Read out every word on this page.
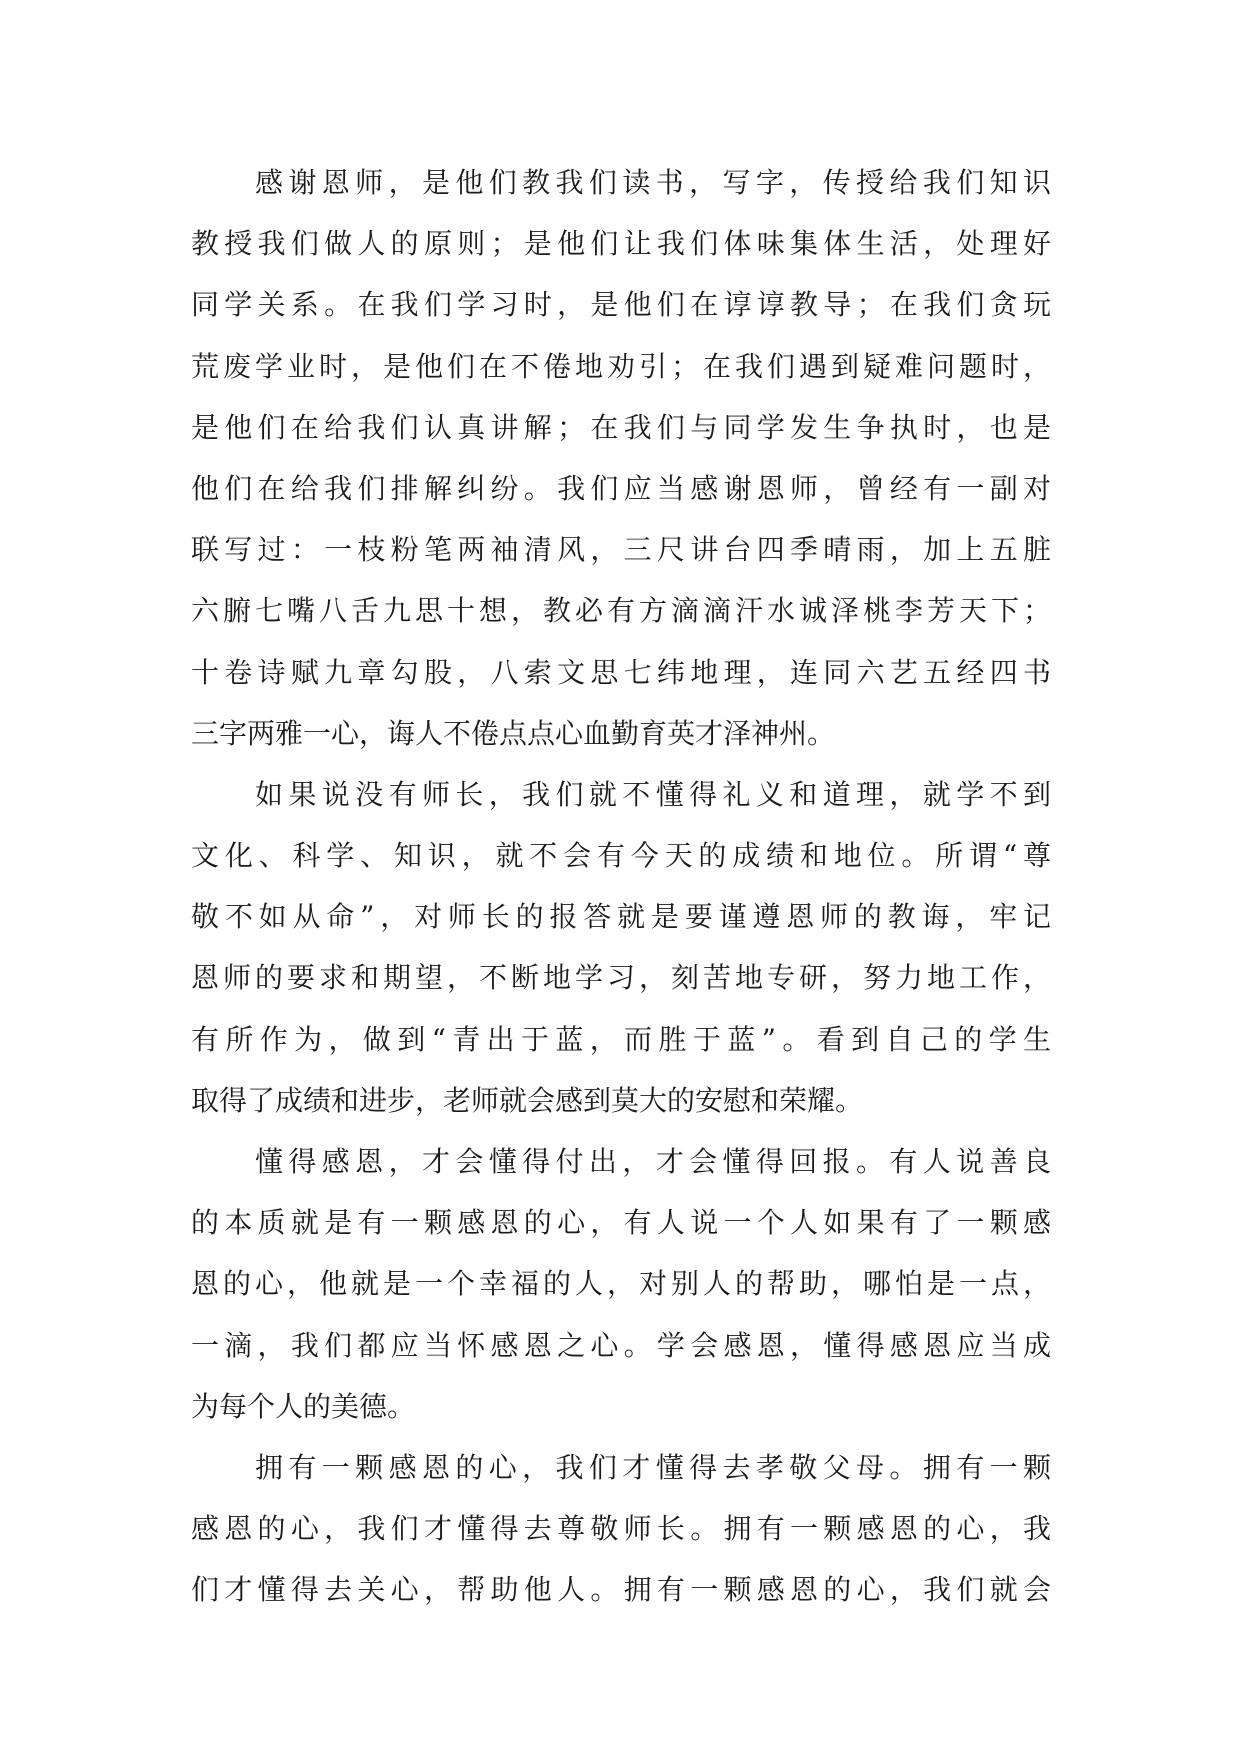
感谢恩师，是他们教我们读书，写字，传授给我们知识
教授我们做人的原则；是他们让我们体味集体生活，处理好
同学关系。在我们学习时，是他们在谆谆教导；在我们贪玩
荒废学业时，是他们在不倦地劝引；在我们遇到疑难问题时，
是他们在给我们认真讲解；在我们与同学发生争执时，也是
他们在给我们排解纠纷。我们应当感谢恩师，曾经有一副对
联写过：一枝粉笔两袖清风，三尺讲台四季晴雨，加上五脏
六腑七嘴八舌九思十想，教必有方滴滴汗水诚泽桃李芳天下；
十卷诗赋九章勾股，八索文思七纬地理，连同六艺五经四书
三字两雅一心，诲人不倦点点心血勤育英才泽神州。
如果说没有师长，我们就不懂得礼义和道理，就学不到
文化、科学、知识，就不会有今天的成绩和地位。所谓“尊
敬不如从命”，对师长的报答就是要谨遵恩师的教诲，牢记
恩师的要求和期望，不断地学习，刻苦地专研，努力地工作，
有所作为，做到“青出于蓝，而胜于蓝”。看到自己的学生
取得了成绩和进步，老师就会感到莫大的安慰和荣耀。
懂得感恩，才会懂得付出，才会懂得回报。有人说善良
的本质就是有一颗感恩的心，有人说一个人如果有了一颗感
恩的心，他就是一个幸福的人，对别人的帮助，哪怕是一点，
一滴，我们都应当怀感恩之心。学会感恩，懂得感恩应当成
为每个人的美德。
拥有一颗感恩的心，我们才懂得去孝敬父母。拥有一颗
感恩的心，我们才懂得去尊敬师长。拥有一颗感恩的心，我
们才懂得去关心，帮助他人。拥有一颗感恩的心，我们就会
